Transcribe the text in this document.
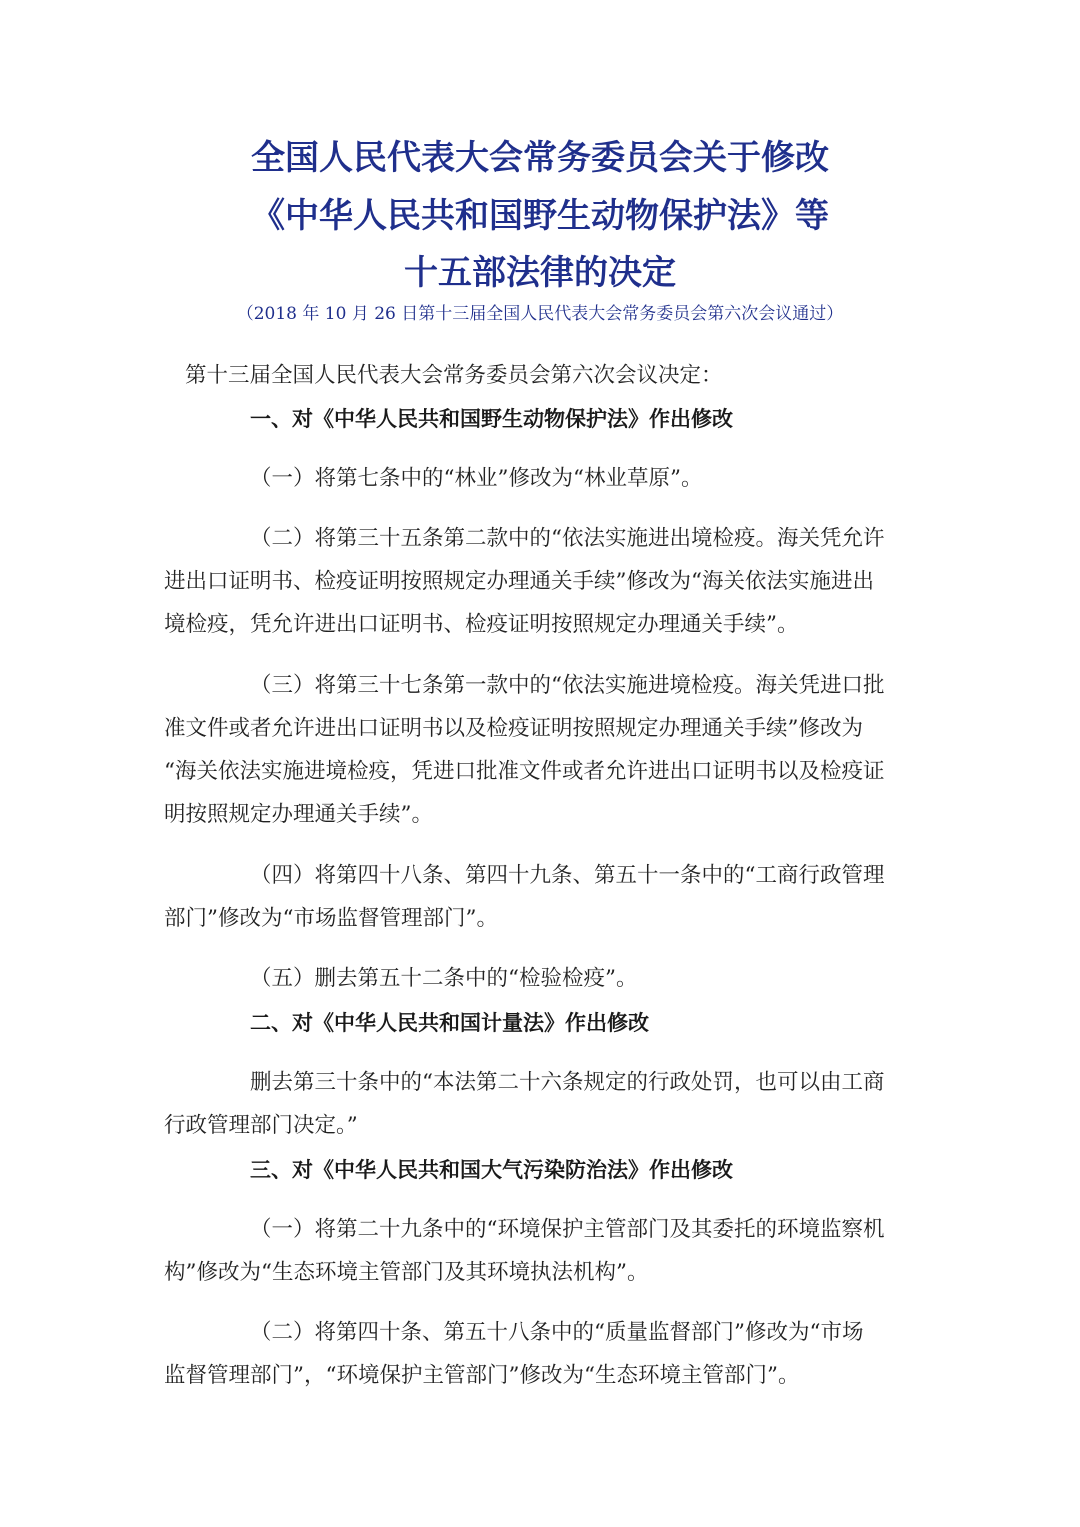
全国人民代表大会常务委员会关于修改
《中华人民共和国野生动物保护法》等
十五部法律的决定
（2018 年 10 月 26 日第十三届全国人民代表大会常务委员会第六次会议通过）
第十三届全国人民代表大会常务委员会第六次会议决定：
一、对《中华人民共和国野生动物保护法》作出修改
（一）将第七条中的“林业”修改为“林业草原”。
（二）将第三十五条第二款中的“依法实施进出境检疫。海关凭允许
进出口证明书、检疫证明按照规定办理通关手续”修改为“海关依法实施进出
境检疫，凭允许进出口证明书、检疫证明按照规定办理通关手续”。
（三）将第三十七条第一款中的“依法实施进境检疫。海关凭进口批
准文件或者允许进出口证明书以及检疫证明按照规定办理通关手续”修改为
“海关依法实施进境检疫，凭进口批准文件或者允许进出口证明书以及检疫证
明按照规定办理通关手续”。
（四）将第四十八条、第四十九条、第五十一条中的“工商行政管理
部门”修改为“市场监督管理部门”。
（五）删去第五十二条中的“检验检疫”。
二、对《中华人民共和国计量法》作出修改
删去第三十条中的“本法第二十六条规定的行政处罚，也可以由工商
行政管理部门决定。”
三、对《中华人民共和国大气污染防治法》作出修改
（一）将第二十九条中的“环境保护主管部门及其委托的环境监察机
构”修改为“生态环境主管部门及其环境执法机构”。
（二）将第四十条、第五十八条中的“质量监督部门”修改为“市场
监督管理部门”，“环境保护主管部门”修改为“生态环境主管部门”。
